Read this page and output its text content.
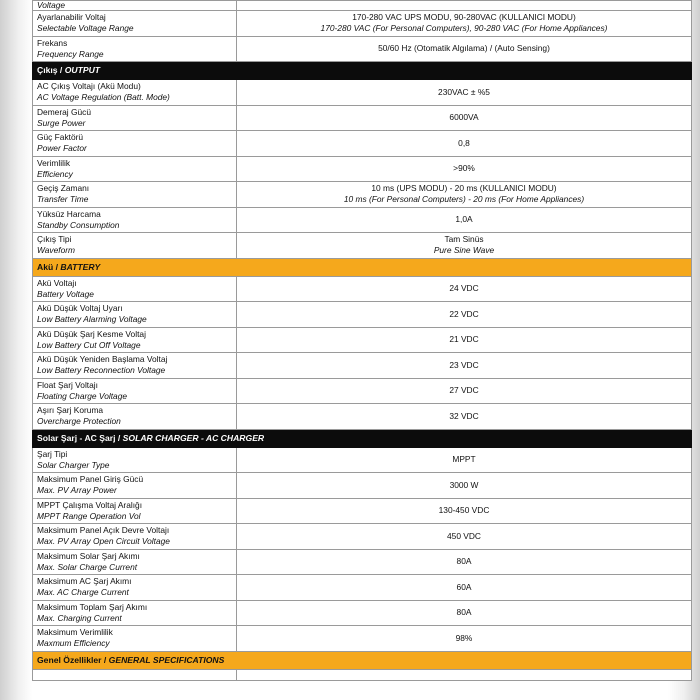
Voltage	

Ayarlanabilir Voltaj
Selectable Voltage Range	170-280 VAC UPS MODU, 90-280VAC (KULLANICI MODU)
170-280 VAC (For Personal Computers), 90-280 VAC (For Home Appliances)

Frekans
Frequency Range	50/60 Hz (Otomatik Algılama) / (Auto Sensing)

Çıkış / OUTPUT	

AC Çıkış Voltajı (Akü Modu)
AC Voltage Regulation (Batt. Mode)	230VAC ± %5

Demeraj Gücü
Surge Power	6000VA

Güç Faktörü
Power Factor	0,8

Verimlilik
Efficiency	>90%

Geçiş Zamanı
Transfer Time	10 ms (UPS MODU) - 20 ms (KULLANICI MODU)
10 ms (For Personal Computers) - 20 ms (For Home Appliances)

Yüksüz Harcama
Standby Consumption	1,0A

Çıkış Tipi
Waveform	Tam Sinüs
Pure Sine Wave

Akü / BATTERY	

Akü Voltajı
Battery Voltage	24 VDC

Akü Düşük Voltaj Uyarı
Low Battery Alarming Voltage	22 VDC

Akü Düşük Şarj Kesme Voltaj
Low Battery Cut Off Voltage	21 VDC

Akü Düşük Yeniden Başlama Voltaj
Low Battery Reconnection Voltage	23 VDC

Float Şarj Voltajı
Floating Charge Voltage	27 VDC

Aşırı Şarj Koruma
Overcharge Protection	32 VDC

Solar Şarj - AC Şarj / SOLAR CHARGER - AC CHARGER	

Şarj Tipi
Solar Charger Type	MPPT

Maksimum Panel Giriş Gücü
Max. PV Array Power	3000 W

MPPT Çalışma Voltaj Aralığı
MPPT Range Operation Vol	130-450 VDC

Maksimum Panel Açık Devre Voltajı
Max. PV Array Open Circuit Voltage	450 VDC

Maksimum Solar Şarj Akımı
Max. Solar Charge Current	80A

Maksimum AC Şarj Akımı
Max. AC Charge Current	60A

Maksimum Toplam Şarj Akımı
Max. Charging Current	80A

Maksimum Verimlilik
Maxmum Efficiency	98%

Genel Özellikler / GENERAL SPECIFICATIONS	
